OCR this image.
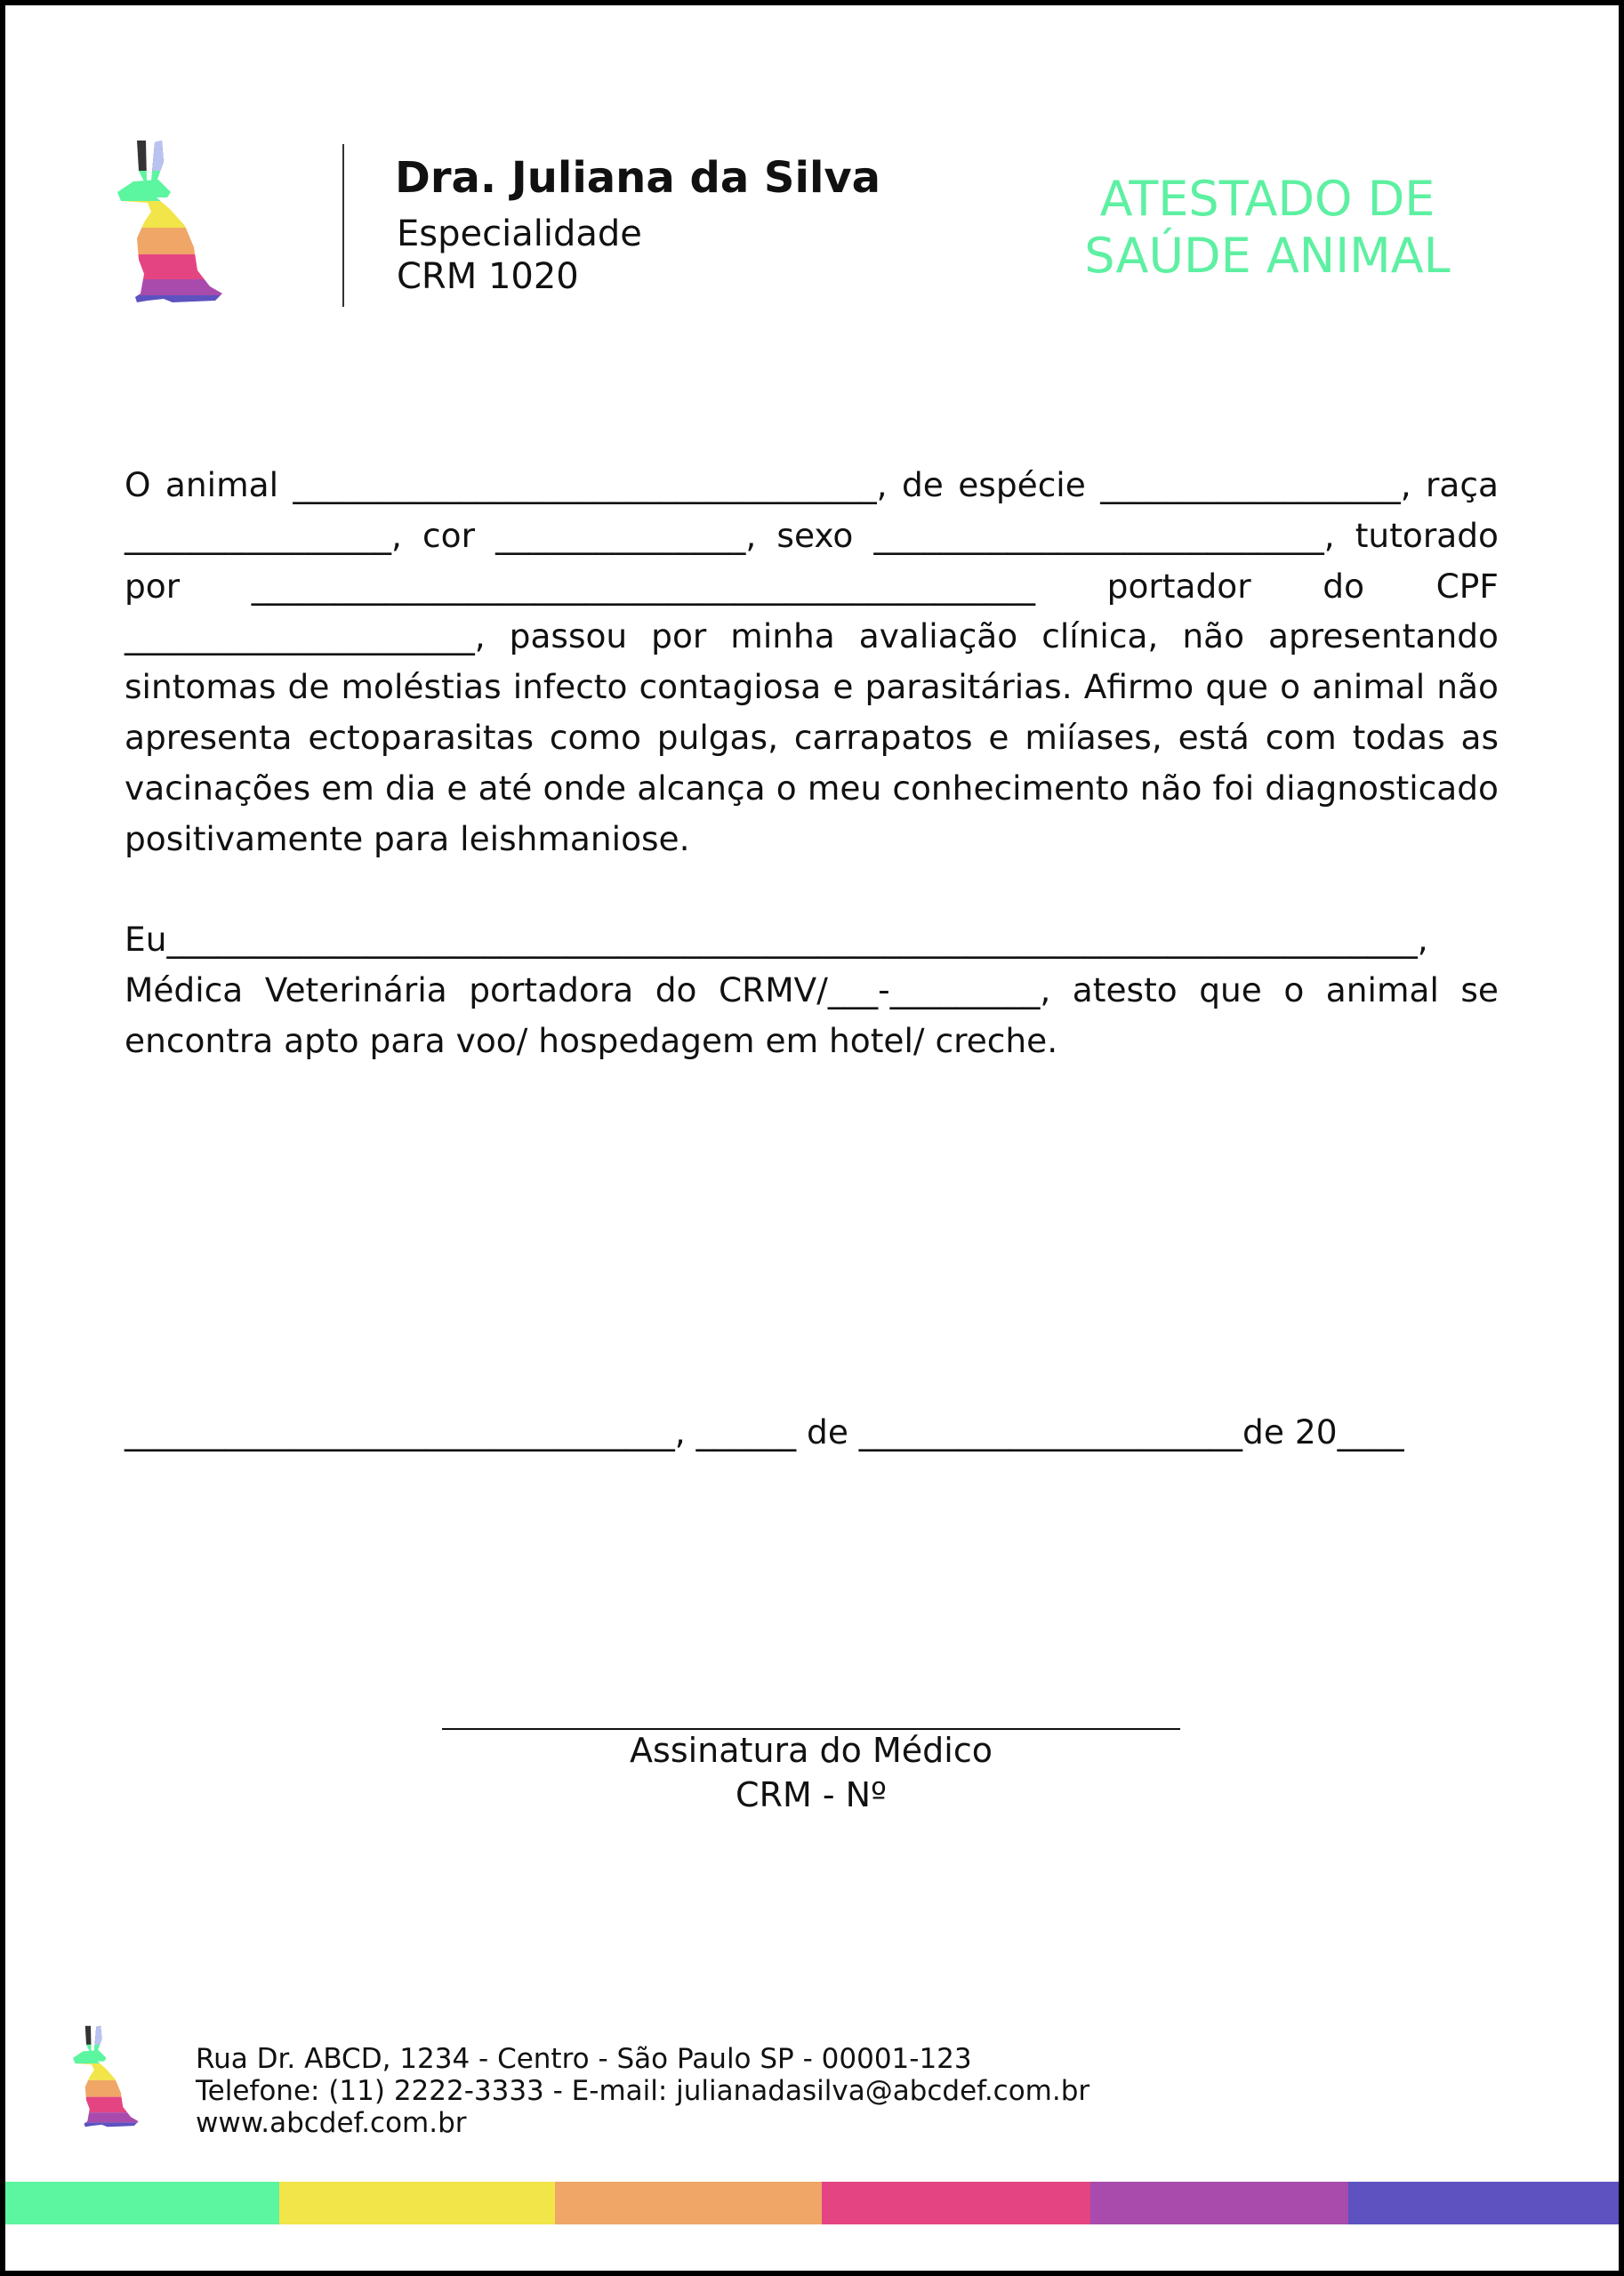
Dra. Juliana da Silva
Especialidade
CRM 1020
ATESTADO DE
SAÚDE ANIMAL

O animal ___________________________________, de espécie __________________, raça ________________, cor _______________, sexo ___________________________, tutorado por _______________________________________________ portador do CPF _____________________, passou por minha avaliação clínica, não apresentando sintomas de moléstias infecto contagiosa e parasitárias. Afirmo que o animal não apresenta ectoparasitas como pulgas, carrapatos e miíases, está com todas as vacinações em dia e até onde alcança o meu conhecimento não foi diagnosticado positivamente para leishmaniose.

Eu___________________________________________________________________________, Médica Veterinária portadora do CRMV/___-_________, atesto que o animal se encontra apto para voo/ hospedagem em hotel/ creche.

_________________________________, ______ de _______________________de 20____
Assinatura do Médico
CRM - Nº
Rua Dr. ABCD, 1234 - Centro - São Paulo SP - 00001-123
Telefone: (11) 2222-3333 - E-mail: julianadasilva@abcdef.com.br
www.abcdef.com.br
